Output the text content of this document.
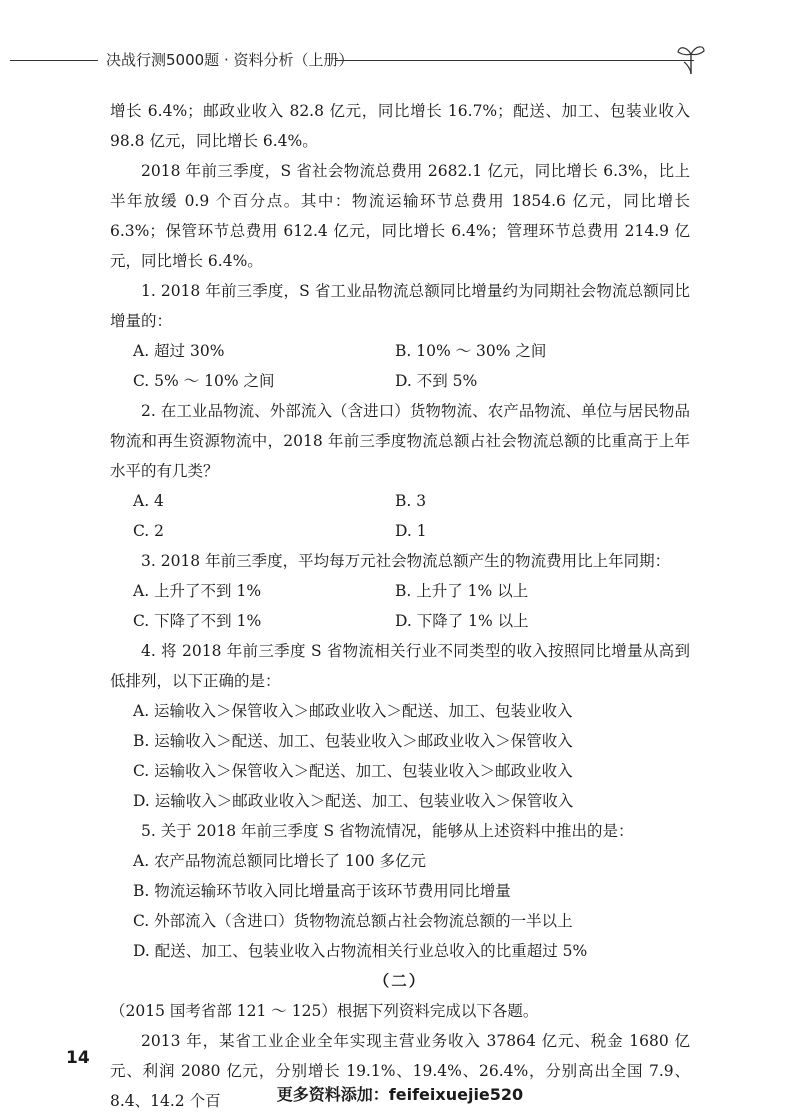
决战行测5000题 · 资料分析（上册）

增长 6.4%；邮政业收入 82.8 亿元，同比增长 16.7%；配送、加工、包装业收入 98.8 亿元，同比增长 6.4%。

2018 年前三季度，S 省社会物流总费用 2682.1 亿元，同比增长 6.3%，比上半年放缓 0.9 个百分点。其中：物流运输环节总费用 1854.6 亿元，同比增长 6.3%；保管环节总费用 612.4 亿元，同比增长 6.4%；管理环节总费用 214.9 亿元，同比增长 6.4%。

1. 2018 年前三季度，S 省工业品物流总额同比增量约为同期社会物流总额同比增量的：

A. 超过 30%	B. 10% ～ 30% 之间
C. 5% ～ 10% 之间	D. 不到 5%

2. 在工业品物流、外部流入（含进口）货物物流、农产品物流、单位与居民物品物流和再生资源物流中，2018 年前三季度物流总额占社会物流总额的比重高于上年水平的有几类？

A. 4	B. 3
C. 2	D. 1

3. 2018 年前三季度，平均每万元社会物流总额产生的物流费用比上年同期：

A. 上升了不到 1%	B. 上升了 1% 以上
C. 下降了不到 1%	D. 下降了 1% 以上

4. 将 2018 年前三季度 S 省物流相关行业不同类型的收入按照同比增量从高到低排列，以下正确的是：

A. 运输收入＞保管收入＞邮政业收入＞配送、加工、包装业收入
B. 运输收入＞配送、加工、包装业收入＞邮政业收入＞保管收入
C. 运输收入＞保管收入＞配送、加工、包装业收入＞邮政业收入
D. 运输收入＞邮政业收入＞配送、加工、包装业收入＞保管收入

5. 关于 2018 年前三季度 S 省物流情况，能够从上述资料中推出的是：

A. 农产品物流总额同比增长了 100 多亿元
B. 物流运输环节收入同比增量高于该环节费用同比增量
C. 外部流入（含进口）货物物流总额占社会物流总额的一半以上
D. 配送、加工、包装业收入占物流相关行业总收入的比重超过 5%
（二）

（2015 国考省部 121 ～ 125）根据下列资料完成以下各题。

2013 年，某省工业企业全年实现主营业务收入 37864 亿元、税金 1680 亿元、利润 2080 亿元，分别增长 19.1%、19.4%、26.4%，分别高出全国 7.9、8.4、14.2 个百

14
更多资料添加：feifeixuejie520
